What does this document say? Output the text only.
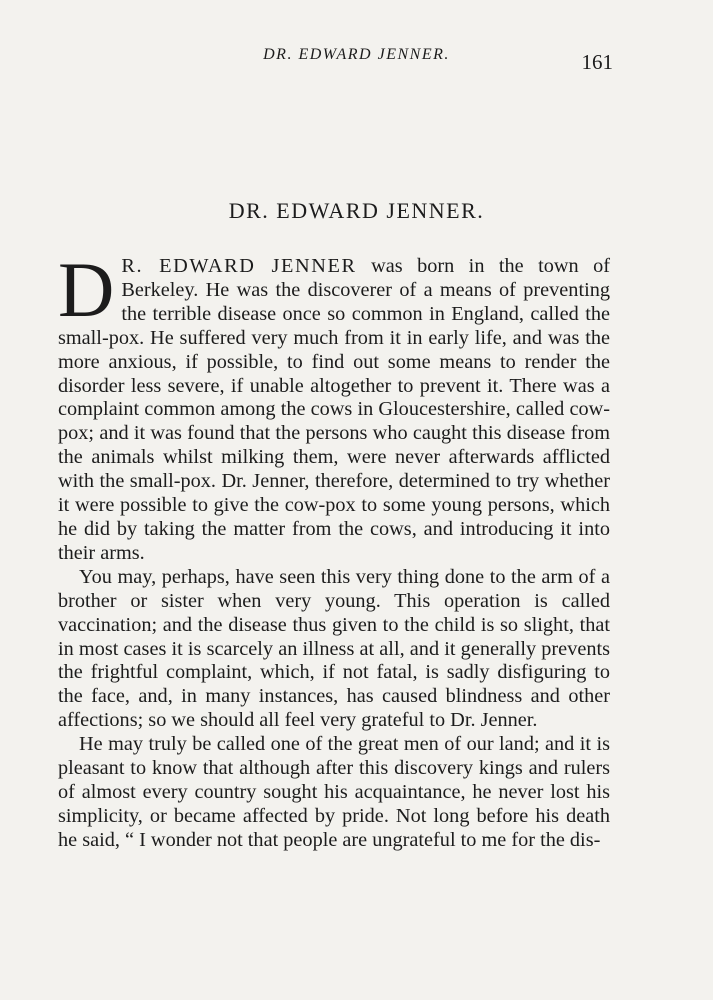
DR. EDWARD JENNER.	161
DR. EDWARD JENNER.

D R. EDWARD JENNER was born in the town of Berkeley. He was the discoverer of a means of preventing the terrible disease once so common in England, called the small-pox. He suffered very much from it in early life, and was the more anxious, if possible, to find out some means to render the disorder less severe, if unable altogether to prevent it. There was a complaint common among the cows in Gloucestershire, called cow-pox; and it was found that the persons who caught this disease from the animals whilst milking them, were never afterwards afflicted with the small-pox. Dr. Jenner, therefore, determined to try whether it were possible to give the cow-pox to some young persons, which he did by taking the matter from the cows, and introducing it into their arms.

You may, perhaps, have seen this very thing done to the arm of a brother or sister when very young. This operation is called vaccination; and the disease thus given to the child is so slight, that in most cases it is scarcely an illness at all, and it generally prevents the frightful complaint, which, if not fatal, is sadly disfiguring to the face, and, in many instances, has caused blindness and other affections; so we should all feel very grateful to Dr. Jenner.

He may truly be called one of the great men of our land; and it is pleasant to know that although after this discovery kings and rulers of almost every country sought his acquaintance, he never lost his simplicity, or became affected by pride. Not long before his death he said, “ I wonder not that people are ungrateful to me for the dis-
